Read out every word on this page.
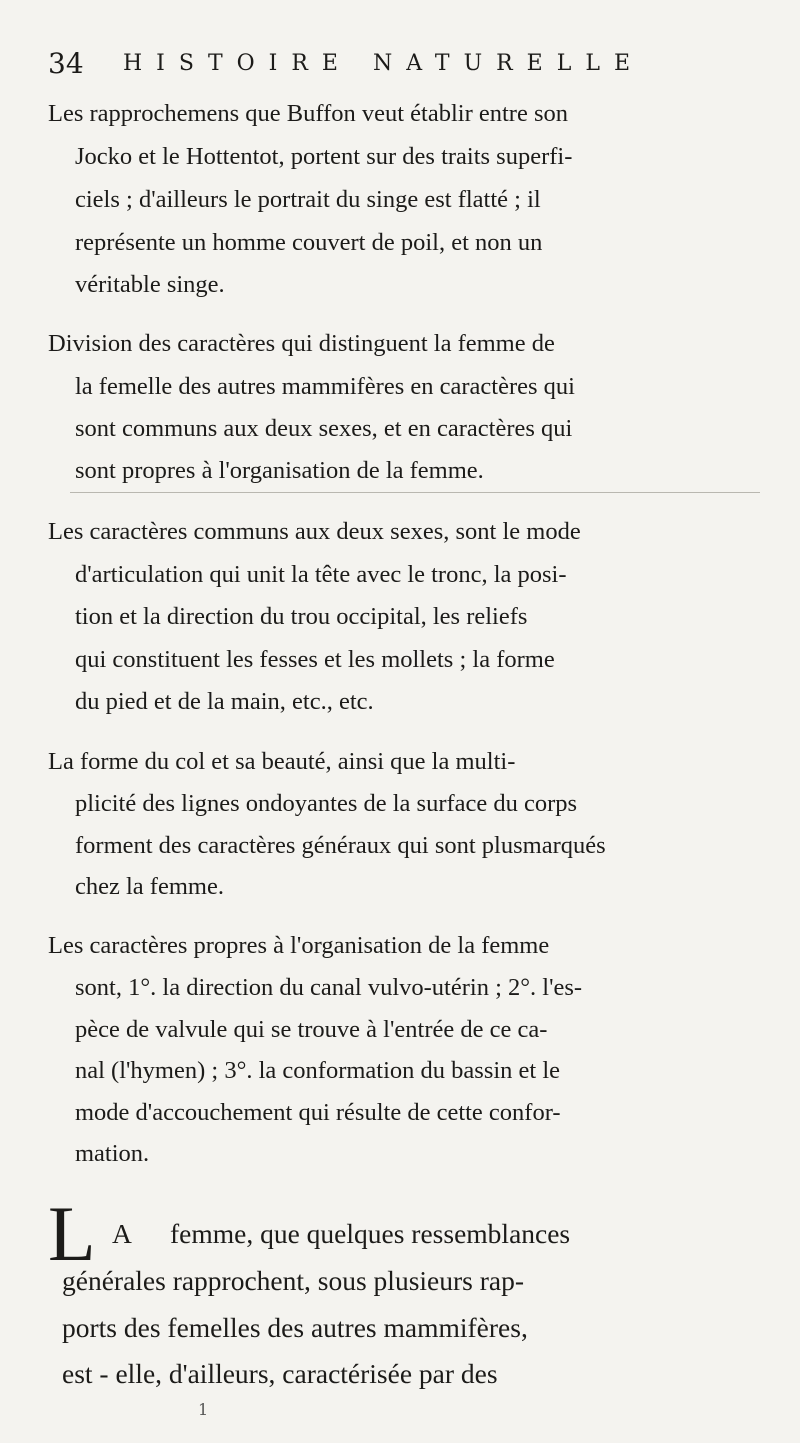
34 HISTOIRE NATURELLE
Les rapprochemens que Buffon veut établir entre son
Jocko et le Hottentot, portent sur des traits superfi-
ciels ; d'ailleurs le portrait du singe est flatté ; il
représente un homme couvert de poil, et non un
véritable singe.
Division des caractères qui distinguent la femme de
la femelle des autres mammifères en caractères qui
sont communs aux deux sexes, et en caractères qui
sont propres à l'organisation de la femme.
Les caractères communs aux deux sexes, sont le mode
d'articulation qui unit la tête avec le tronc, la posi-
tion et la direction du trou occipital, les reliefs
qui constituent les fesses et les mollets ; la forme
du pied et de la main, etc., etc.
La forme du col et sa beauté, ainsi que la multi-
plicité des lignes ondoyantes de la surface du corps
forment des caractères généraux qui sont plusmarqués
chez la femme.
Les caractères propres à l'organisation de la femme
sont, 1°. la direction du canal vulvo-utérin ; 2°. l'es-
pèce de valvule qui se trouve à l'entrée de ce ca-
nal (l'hymen) ; 3°. la conformation du bassin et le
mode d'accouchement qui résulte de cette confor-
mation.
L A femme, que quelques ressemblances
générales rapprochent, sous plusieurs rap-
ports des femelles des autres mammifères,
est - elle, d'ailleurs, caractérisée par des
1
